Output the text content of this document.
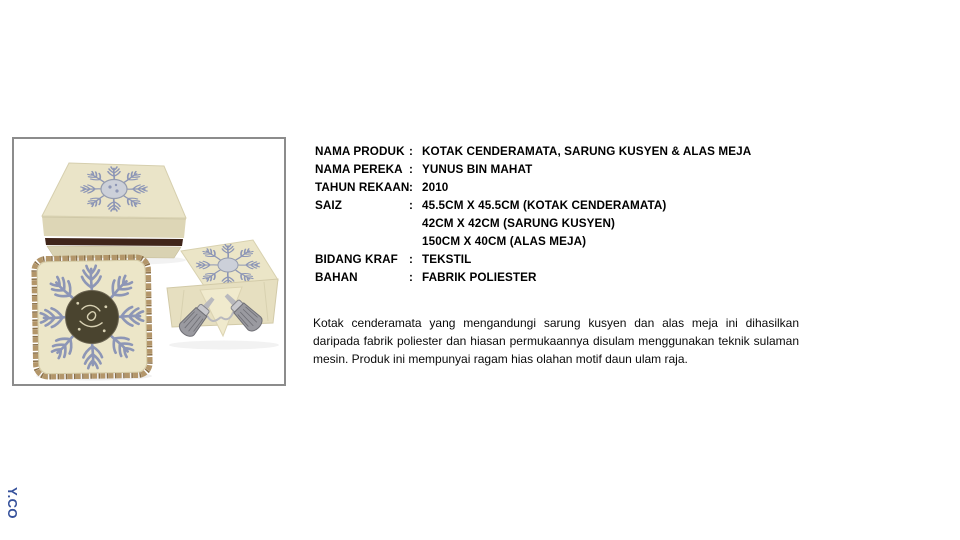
NAMA PRODUK : KOTAK CENDERAMATA, SARUNG KUSYEN & ALAS MEJA
NAMA PEREKA : YUNUS BIN MAHAT
TAHUN REKAAN : 2010
SAIZ	: 45.5CM X 45.5CM (KOTAK CENDERAMATA)
42CM X 42CM (SARUNG KUSYEN)
150CM X 40CM (ALAS MEJA)
BIDANG KRAF : TEKSTIL
BAHAN	: FABRIK POLIESTER

Kotak cenderamata yang mengandungi sarung kusyen dan alas meja ini dihasilkan daripada fabrik poliester dan hiasan permukaannya disulam menggunakan teknik sulaman mesin. Produk ini mempunyai ragam hias olahan motif daun ulam raja.

Y.CO
